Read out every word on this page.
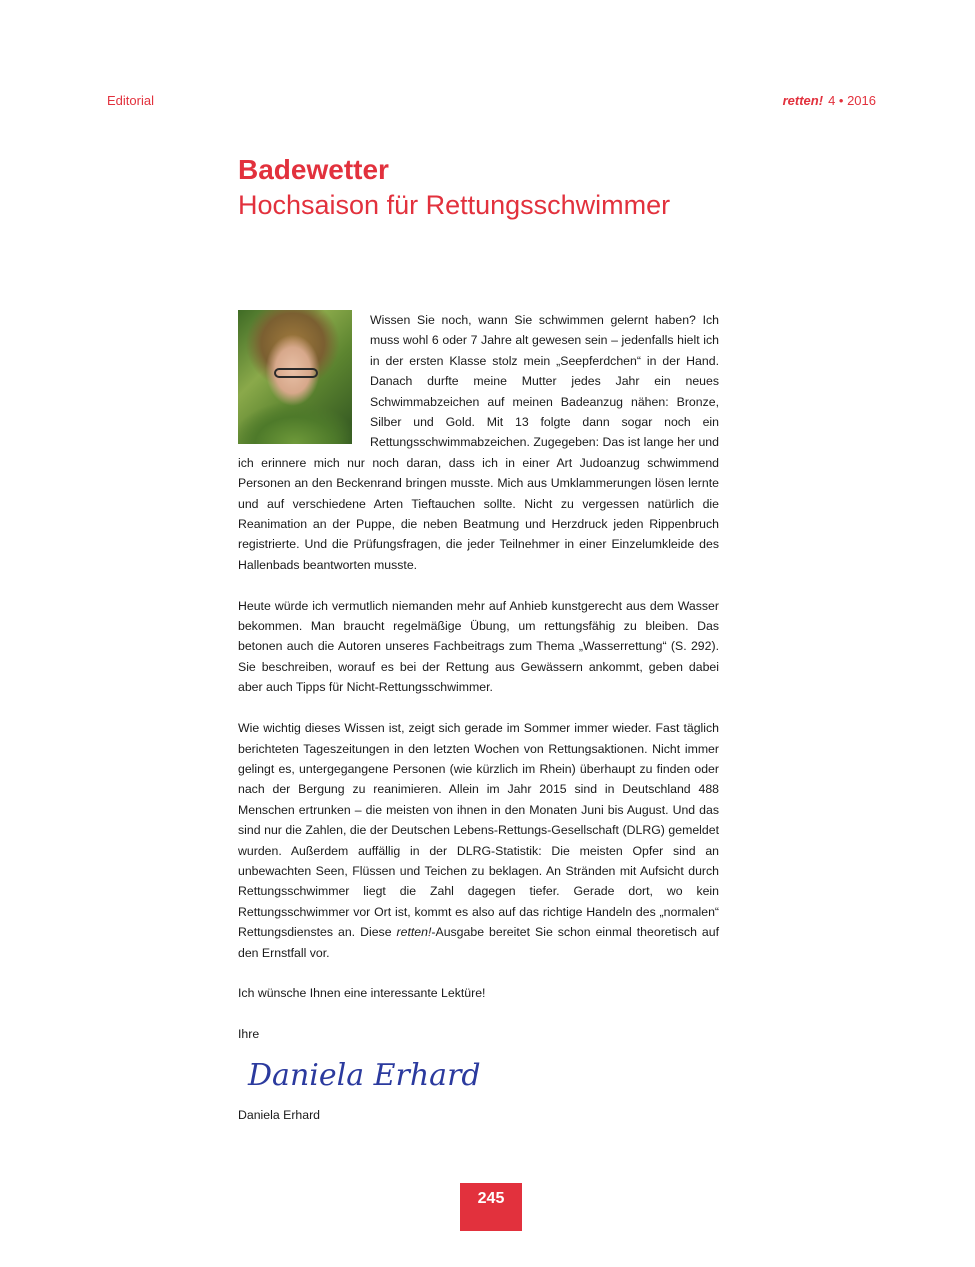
Editorial	retten! 4 • 2016
Badewetter
Hochsaison für Rettungsschwimmer

Wissen Sie noch, wann Sie schwimmen gelernt haben? Ich muss wohl 6 oder 7 Jahre alt gewesen sein – jedenfalls hielt ich in der ersten Klasse stolz mein „Seepferdchen“ in der Hand. Danach durfte meine Mutter jedes Jahr ein neues Schwimmabzeichen auf meinen Badeanzug nähen: Bronze, Silber und Gold. Mit 13 folgte dann sogar noch ein Rettungsschwimmabzeichen. Zugegeben: Das ist lange her und ich erinnere mich nur noch daran, dass ich in einer Art Judoanzug schwimmend Personen an den Beckenrand bringen musste. Mich aus Umklammerungen lösen lernte und auf verschiedene Arten Tieftauchen sollte. Nicht zu vergessen natürlich die Reanimation an der Puppe, die neben Beatmung und Herzdruck jeden Rippenbruch registrierte. Und die Prüfungsfragen, die jeder Teilnehmer in einer Einzelumkleide des Hallenbads beantworten musste.

Heute würde ich vermutlich niemanden mehr auf Anhieb kunstgerecht aus dem Wasser bekommen. Man braucht regelmäßige Übung, um rettungsfähig zu bleiben. Das betonen auch die Autoren unseres Fachbeitrags zum Thema „Wasserrettung“ (S. 292). Sie beschreiben, worauf es bei der Rettung aus Gewässern ankommt, geben dabei aber auch Tipps für Nicht-Rettungsschwimmer.

Wie wichtig dieses Wissen ist, zeigt sich gerade im Sommer immer wieder. Fast täglich berichteten Tageszeitungen in den letzten Wochen von Rettungsaktionen. Nicht immer gelingt es, untergegangene Personen (wie kürzlich im Rhein) überhaupt zu finden oder nach der Bergung zu reanimieren. Allein im Jahr 2015 sind in Deutschland 488 Menschen ertrunken – die meisten von ihnen in den Monaten Juni bis August. Und das sind nur die Zahlen, die der Deutschen Lebens-Rettungs-Gesellschaft (DLRG) gemeldet wurden. Außerdem auffällig in der DLRG-Statistik: Die meisten Opfer sind an unbewachten Seen, Flüssen und Teichen zu beklagen. An Stränden mit Aufsicht durch Rettungsschwimmer liegt die Zahl dagegen tiefer. Gerade dort, wo kein Rettungsschwimmer vor Ort ist, kommt es also auf das richtige Handeln des „normalen“ Rettungsdienstes an. Diese retten!-Ausgabe bereitet Sie schon einmal theoretisch auf den Ernstfall vor.

Ich wünsche Ihnen eine interessante Lektüre!

Ihre

Daniela Erhard
Daniela Erhard
245
